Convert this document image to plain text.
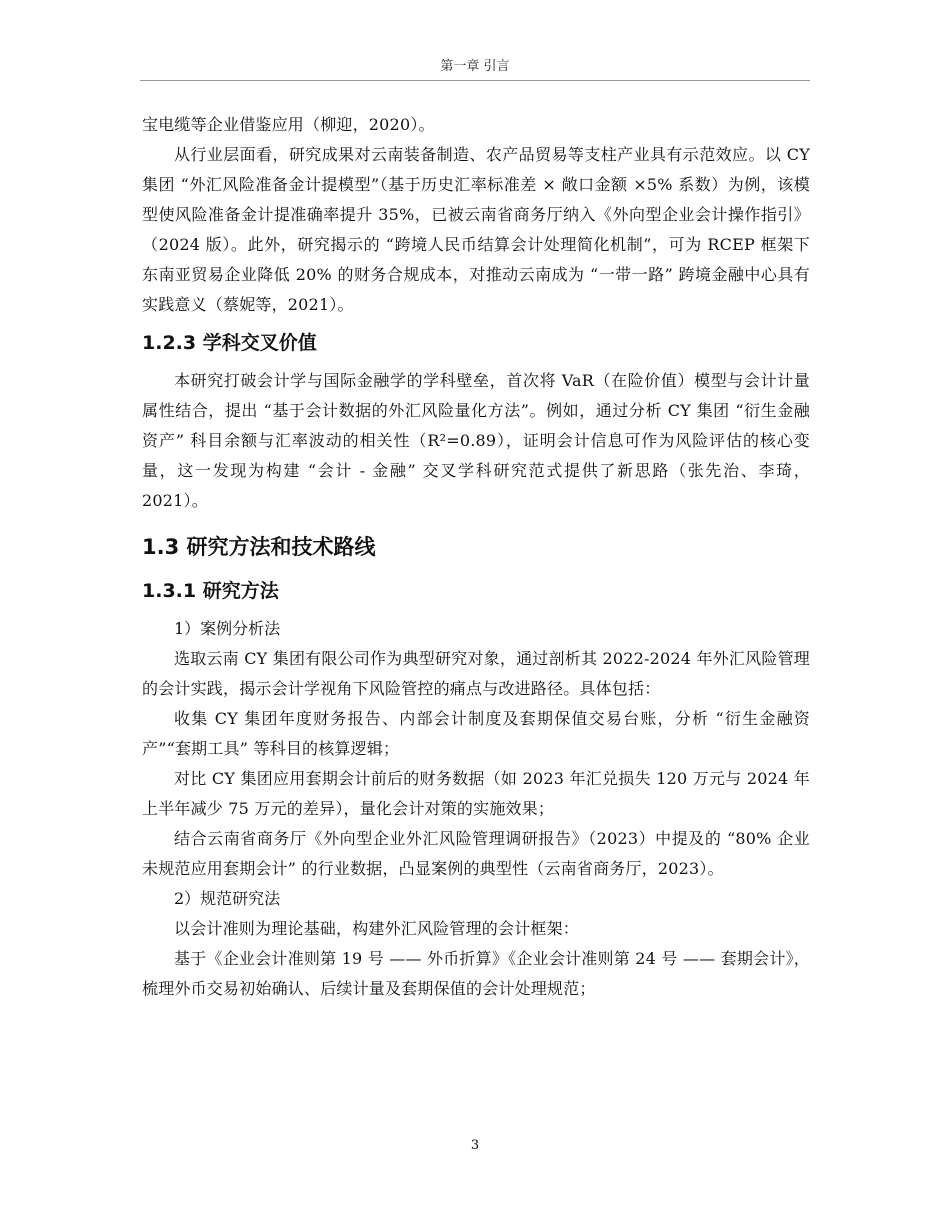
第一章 引言

宝电缆等企业借鉴应用（柳迎，2020）。

从行业层面看，研究成果对云南装备制造、农产品贸易等支柱产业具有示范效应。以 CY 集团 “外汇风险准备金计提模型”（基于历史汇率标准差 × 敞口金额 ×5% 系数）为例，该模型使风险准备金计提准确率提升 35%，已被云南省商务厅纳入《外向型企业会计操作指引》（2024 版）。此外，研究揭示的 “跨境人民币结算会计处理简化机制”，可为 RCEP 框架下东南亚贸易企业降低 20% 的财务合规成本，对推动云南成为 “一带一路” 跨境金融中心具有实践意义（蔡妮等，2021）。

1.2.3 学科交叉价值

本研究打破会计学与国际金融学的学科壁垒，首次将 VaR（在险价值）模型与会计计量属性结合，提出 “基于会计数据的外汇风险量化方法”。例如，通过分析 CY 集团 “衍生金融资产” 科目余额与汇率波动的相关性（R²=0.89），证明会计信息可作为风险评估的核心变量，这一发现为构建 “会计 - 金融” 交叉学科研究范式提供了新思路（张先治、李琦，2021）。

1.3 研究方法和技术路线
1.3.1 研究方法

1）案例分析法

选取云南 CY 集团有限公司作为典型研究对象，通过剖析其 2022-2024 年外汇风险管理的会计实践，揭示会计学视角下风险管控的痛点与改进路径。具体包括：

收集 CY 集团年度财务报告、内部会计制度及套期保值交易台账，分析 “衍生金融资产”“套期工具” 等科目的核算逻辑；

对比 CY 集团应用套期会计前后的财务数据（如 2023 年汇兑损失 120 万元与 2024 年上半年减少 75 万元的差异），量化会计对策的实施效果；

结合云南省商务厅《外向型企业外汇风险管理调研报告》（2023）中提及的 “80% 企业未规范应用套期会计” 的行业数据，凸显案例的典型性（云南省商务厅，2023）。

2）规范研究法

以会计准则为理论基础，构建外汇风险管理的会计框架：

基于《企业会计准则第 19 号 —— 外币折算》《企业会计准则第 24 号 —— 套期会计》，梳理外币交易初始确认、后续计量及套期保值的会计处理规范；

3
